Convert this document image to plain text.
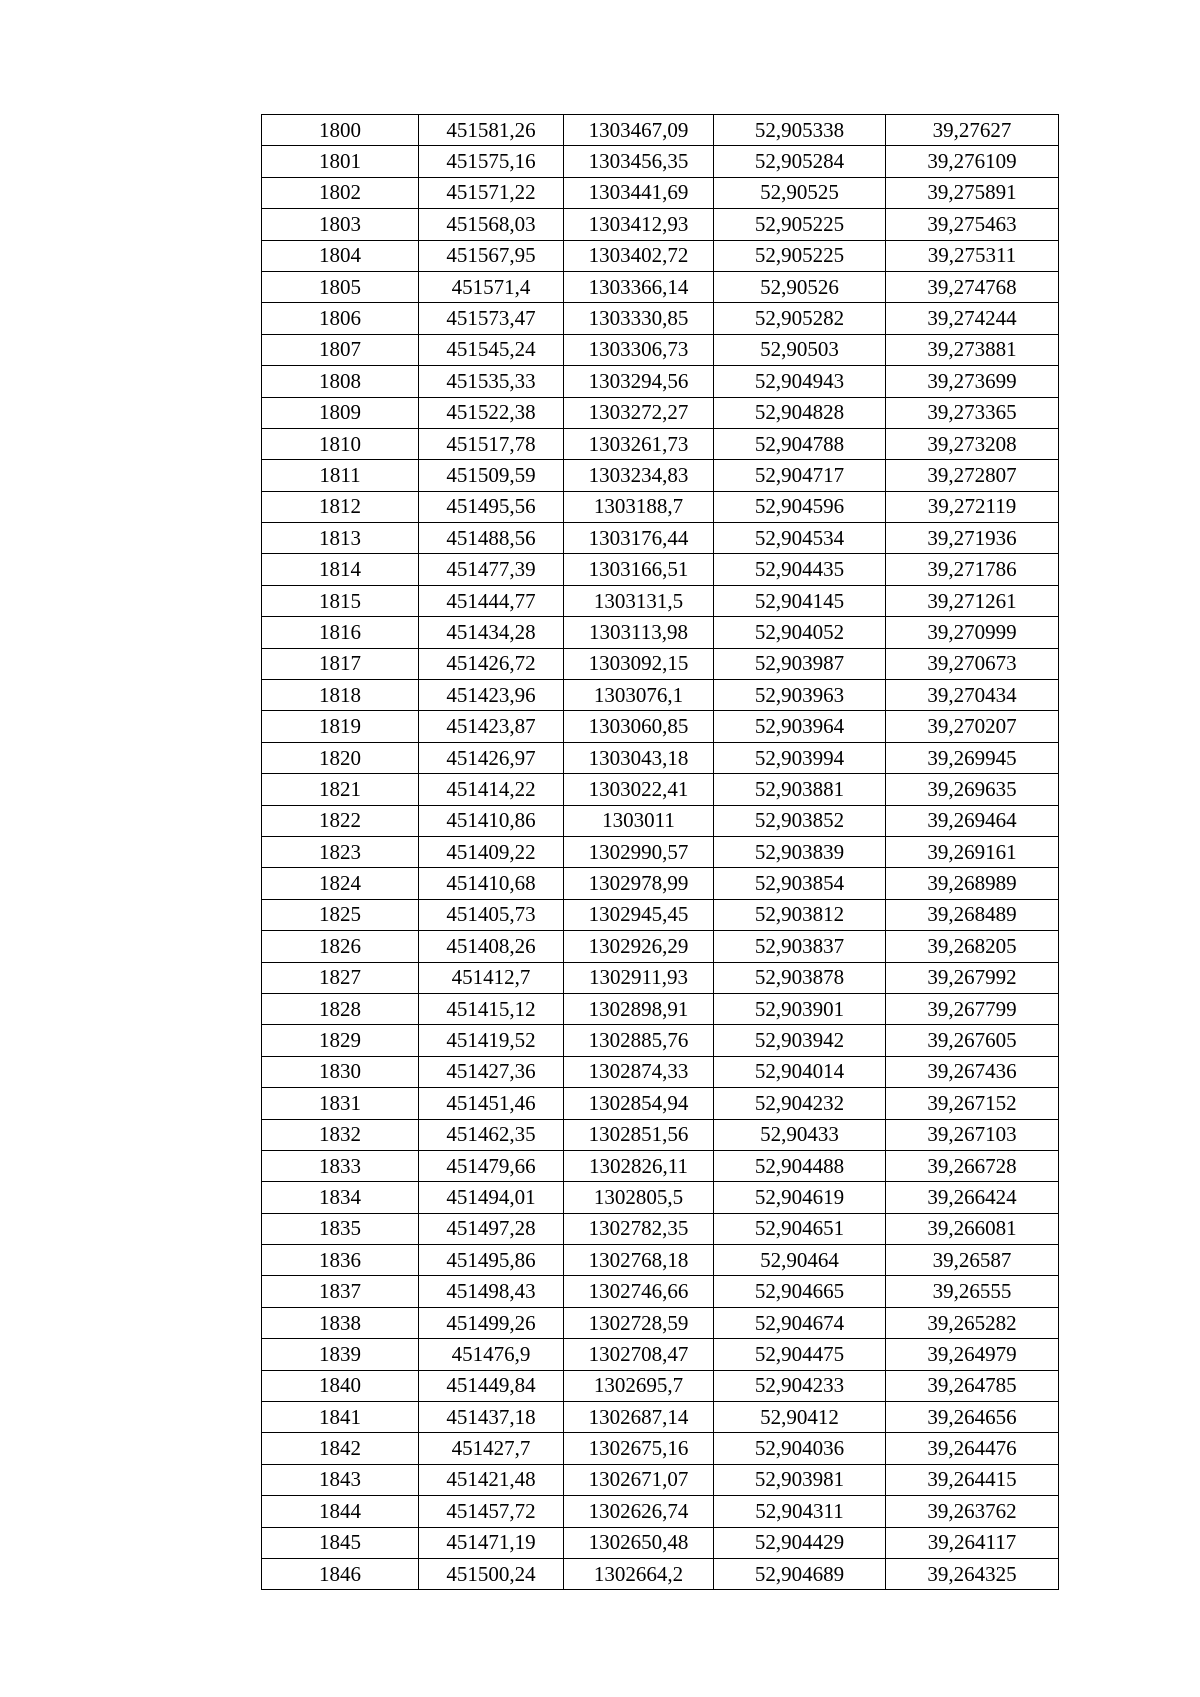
1800	451581,26	1303467,09	52,905338	39,27627
1801	451575,16	1303456,35	52,905284	39,276109
1802	451571,22	1303441,69	52,90525	39,275891
1803	451568,03	1303412,93	52,905225	39,275463
1804	451567,95	1303402,72	52,905225	39,275311
1805	451571,4	1303366,14	52,90526	39,274768
1806	451573,47	1303330,85	52,905282	39,274244
1807	451545,24	1303306,73	52,90503	39,273881
1808	451535,33	1303294,56	52,904943	39,273699
1809	451522,38	1303272,27	52,904828	39,273365
1810	451517,78	1303261,73	52,904788	39,273208
1811	451509,59	1303234,83	52,904717	39,272807
1812	451495,56	1303188,7	52,904596	39,272119
1813	451488,56	1303176,44	52,904534	39,271936
1814	451477,39	1303166,51	52,904435	39,271786
1815	451444,77	1303131,5	52,904145	39,271261
1816	451434,28	1303113,98	52,904052	39,270999
1817	451426,72	1303092,15	52,903987	39,270673
1818	451423,96	1303076,1	52,903963	39,270434
1819	451423,87	1303060,85	52,903964	39,270207
1820	451426,97	1303043,18	52,903994	39,269945
1821	451414,22	1303022,41	52,903881	39,269635
1822	451410,86	1303011	52,903852	39,269464
1823	451409,22	1302990,57	52,903839	39,269161
1824	451410,68	1302978,99	52,903854	39,268989
1825	451405,73	1302945,45	52,903812	39,268489
1826	451408,26	1302926,29	52,903837	39,268205
1827	451412,7	1302911,93	52,903878	39,267992
1828	451415,12	1302898,91	52,903901	39,267799
1829	451419,52	1302885,76	52,903942	39,267605
1830	451427,36	1302874,33	52,904014	39,267436
1831	451451,46	1302854,94	52,904232	39,267152
1832	451462,35	1302851,56	52,90433	39,267103
1833	451479,66	1302826,11	52,904488	39,266728
1834	451494,01	1302805,5	52,904619	39,266424
1835	451497,28	1302782,35	52,904651	39,266081
1836	451495,86	1302768,18	52,90464	39,26587
1837	451498,43	1302746,66	52,904665	39,26555
1838	451499,26	1302728,59	52,904674	39,265282
1839	451476,9	1302708,47	52,904475	39,264979
1840	451449,84	1302695,7	52,904233	39,264785
1841	451437,18	1302687,14	52,90412	39,264656
1842	451427,7	1302675,16	52,904036	39,264476
1843	451421,48	1302671,07	52,903981	39,264415
1844	451457,72	1302626,74	52,904311	39,263762
1845	451471,19	1302650,48	52,904429	39,264117
1846	451500,24	1302664,2	52,904689	39,264325
